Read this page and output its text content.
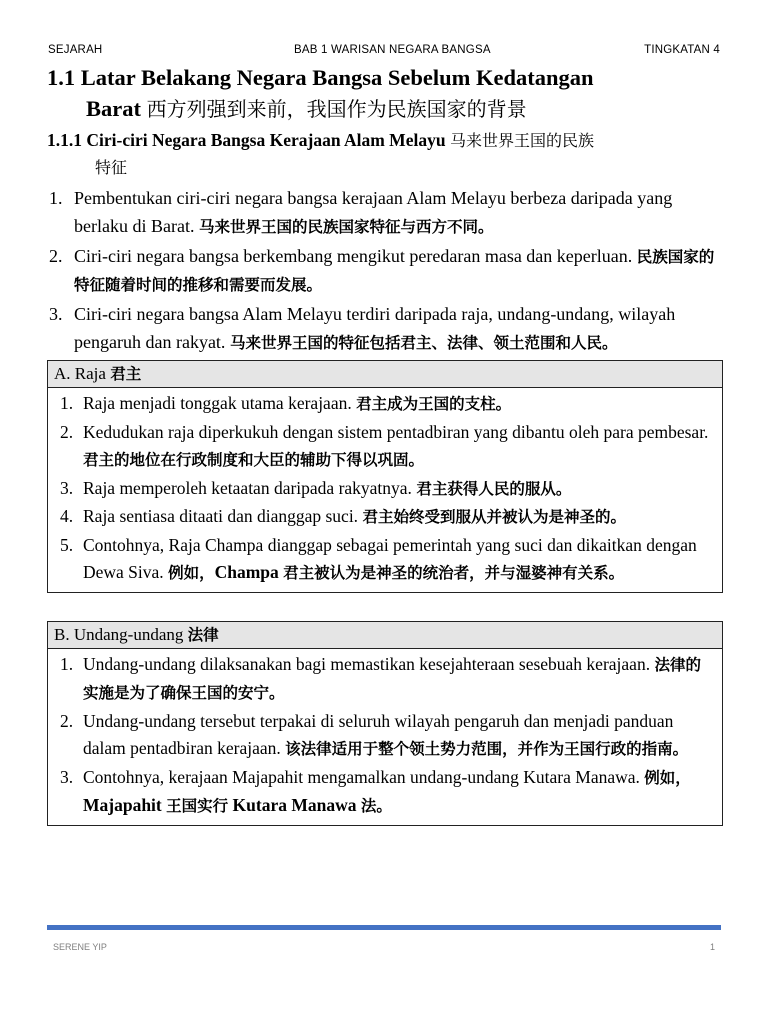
SEJARAH	BAB 1 WARISAN NEGARA BANGSA	TINGKATAN 4
1.1 Latar Belakang Negara Bangsa Sebelum Kedatangan
Barat 西方列强到来前，我国作为民族国家的背景
1.1.1 Ciri-ciri Negara Bangsa Kerajaan Alam Melayu 马来世界王国的民族
特征
1. Pembentukan ciri-ciri negara bangsa kerajaan Alam Melayu berbeza daripada yang berlaku di Barat. 马来世界王国的民族国家特征与西方不同。
2. Ciri-ciri negara bangsa berkembang mengikut peredaran masa dan keperluan. 民族国家的特征随着时间的推移和需要而发展。
3. Ciri-ciri negara bangsa Alam Melayu terdiri daripada raja, undang-undang, wilayah pengaruh dan rakyat. 马来世界王国的特征包括君主、法律、领土范围和人民。
A. Raja 君主
1. Raja menjadi tonggak utama kerajaan. 君主成为王国的支柱。
2. Kedudukan raja diperkukuh dengan sistem pentadbiran yang dibantu oleh para pembesar. 君主的地位在行政制度和大臣的辅助下得以巩固。
3. Raja memperoleh ketaatan daripada rakyatnya. 君主获得人民的服从。
4. Raja sentiasa ditaati dan dianggap suci. 君主始终受到服从并被认为是神圣的。
5. Contohnya, Raja Champa dianggap sebagai pemerintah yang suci dan dikaitkan dengan Dewa Siva. 例如，Champa 君主被认为是神圣的统治者，并与湿婆神有关系。
B. Undang-undang 法律
1. Undang-undang dilaksanakan bagi memastikan kesejahteraan sesebuah kerajaan. 法律的实施是为了确保王国的安宁。
2. Undang-undang tersebut terpakai di seluruh wilayah pengaruh dan menjadi panduan dalam pentadbiran kerajaan. 该法律适用于整个领土势力范围，并作为王国行政的指南。
3. Contohnya, kerajaan Majapahit mengamalkan undang-undang Kutara Manawa. 例如，Majapahit 王国实行 Kutara Manawa 法。
SERENE YIP	1
